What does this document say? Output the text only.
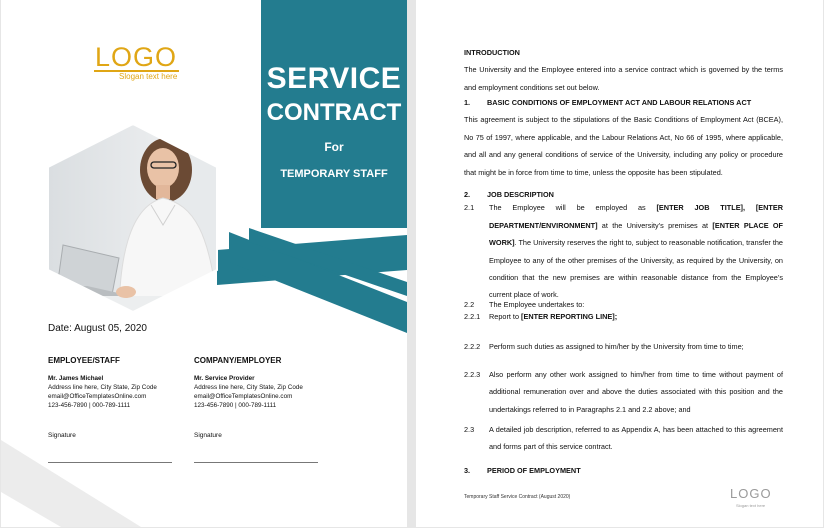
LOGO
Slogan text here	SERVICE
CONTRACT
For
TEMPORARY STAFF
Date: August 05, 2020
EMPLOYEE/STAFF
Mr. James Michael
Address line here, City State, Zip Code
email@OfficeTemplatesOnline.com
123-456-7890 | 000-789-1111
Signature
COMPANY/EMPLOYER
Mr. Service Provider
Address line here, City State, Zip Code
email@OfficeTemplatesOnline.com
123-456-7890 | 000-789-1111
Signature

INTRODUCTION

The University and the Employee entered into a service contract which is governed by the terms and employment conditions set out below.

1. BASIC CONDITIONS OF EMPLOYMENT ACT AND LABOUR RELATIONS ACT

This agreement is subject to the stipulations of the Basic Conditions of Employment Act (BCEA), No 75 of 1997, where applicable, and the Labour Relations Act, No 66 of 1995, where applicable, and all and any general conditions of service of the University, including any policy or procedure that might be in force from time to time, unless the opposite has been stipulated.

2. JOB DESCRIPTION

2.1	The Employee will be employed as [ENTER JOB TITLE], [ENTER DEPARTMENT/ENVIRONMENT] at the University’s premises at [ENTER PLACE OF WORK]. The University reserves the right to, subject to reasonable notification, transfer the Employee to any of the other premises of the University, as required by the University, on condition that the new premises are within reasonable distance from the Employee’s current place of work.

2.2	The Employee undertakes to:

2.2.1	Report to [ENTER REPORTING LINE];

2.2.2	Perform such duties as assigned to him/her by the University from time to time;

2.2.3	Also perform any other work assigned to him/her from time to time without payment of additional remuneration over and above the duties associated with this position and the undertakings referred to in Paragraphs 2.1 and 2.2 above; and

2.3	A detailed job description, referred to as Appendix A, has been attached to this agreement and forms part of this service contract.

3. PERIOD OF EMPLOYMENT

Temporary Staff Service Contract (August 2020)	LOGO
Slogan text here
